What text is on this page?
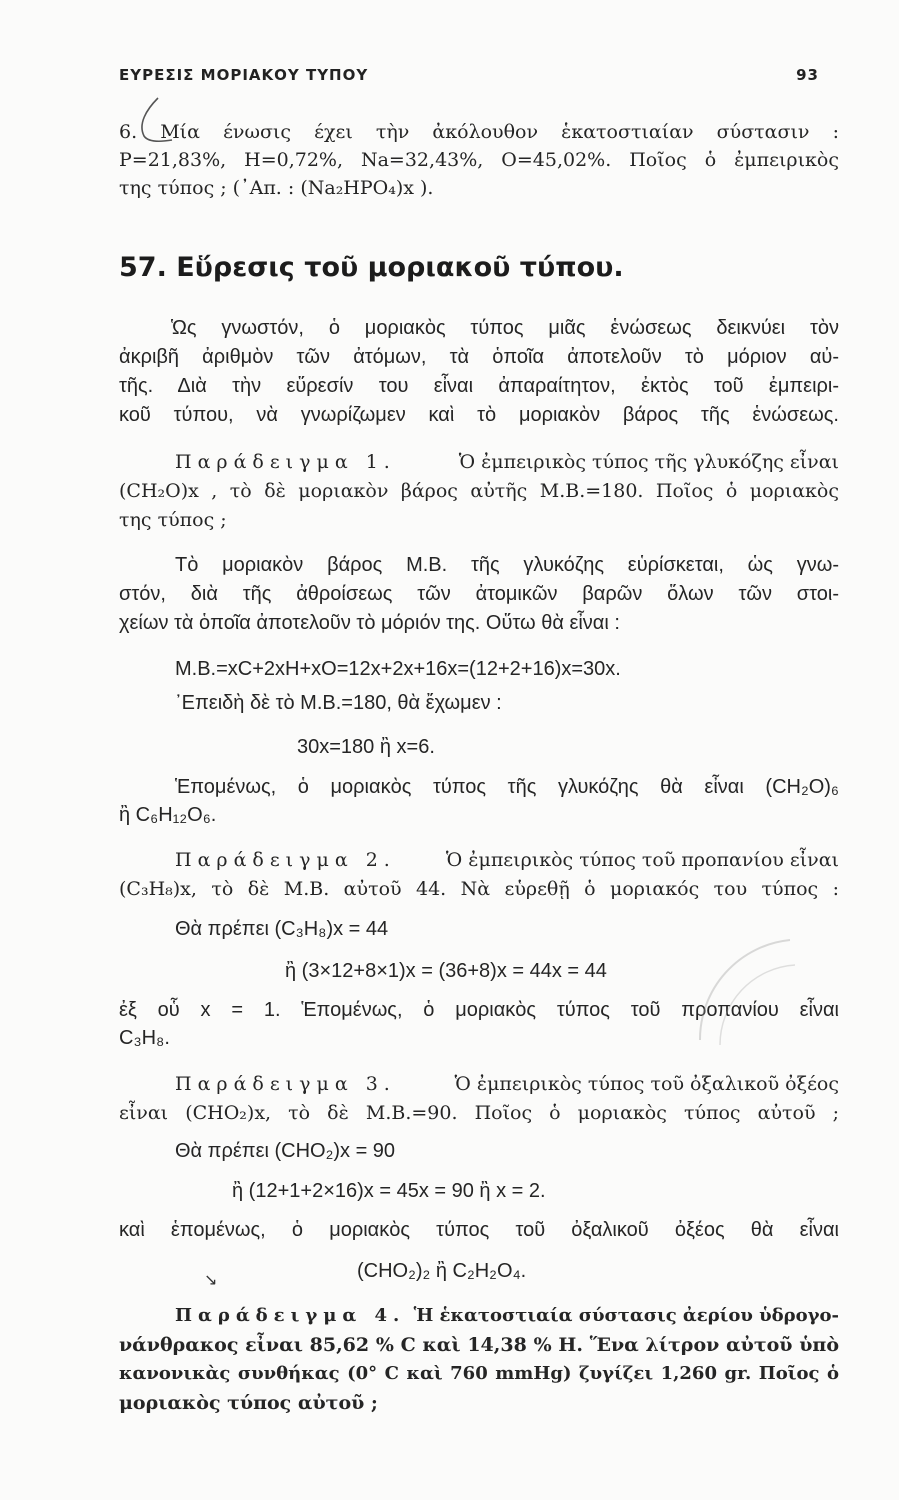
ΕΥΡΕΣΙΣ ΜΟΡΙΑΚΟΥ ΤΥΠΟΥ	93
6. Μία ένωσις έχει τὴν ἀκόλουθον ἑκατοστιαίαν σύστασιν :
P=21,83%, H=0,72%, Na=32,43%, O=45,02%. Ποῖος ὁ ἐμπειρικὸς
της τύπος ; (᾿Απ. : (Na₂HPO₄)x ).
57. Εὕρεσις τοῦ μοριακοῦ τύπου.
Ὡς γνωστόν, ὁ μοριακὸς τύπος μιᾶς ἑνώσεως δεικνύει τὸν
ἀκριβῆ ἀριθμὸν τῶν ἀτόμων, τὰ ὁποῖα ἀποτελοῦν τὸ μόριον αὐ-
τῆς. Διὰ τὴν εὕρεσίν του εἶναι ἀπαραίτητον, ἐκτὸς τοῦ ἐμπειρι-
κοῦ τύπου, νὰ γνωρίζωμεν καὶ τὸ μοριακὸν βάρος τῆς ἑνώσεως.
Παράδειγμα 1.	Ὁ ἐμπειρικὸς τύπος τῆς γλυκόζης εἶναι
(CH₂O)x , τὸ δὲ μοριακὸν βάρος αὐτῆς Μ.Β.=180. Ποῖος ὁ μοριακὸς
της τύπος ;
Τὸ μοριακὸν βάρος Μ.Β. τῆς γλυκόζης εὑρίσκεται, ὡς γνω-
στόν, διὰ τῆς ἀθροίσεως τῶν ἀτομικῶν βαρῶν ὅλων τῶν στοι-
χείων τὰ ὁποῖα ἀποτελοῦν τὸ μόριόν της. Οὕτω θὰ εἶναι :
Μ.Β.=xC+2xH+xO=12x+2x+16x=(12+2+16)x=30x.
᾿Επειδὴ δὲ τὸ Μ.Β.=180, θὰ ἔχωμεν :
30x=180 ἢ x=6.
Ἑπομένως, ὁ μοριακὸς τύπος τῆς γλυκόζης θὰ εἶναι (CH₂O)₆
ἢ C₆H₁₂O₆.
Παράδειγμα 2.	Ὁ ἐμπειρικὸς τύπος τοῦ προπανίου εἶναι
(C₃H₈)x, τὸ δὲ Μ.Β. αὐτοῦ 44. Νὰ εὑρεθῇ ὁ μοριακός του τύπος :
Θὰ πρέπει (C₃H₈)x = 44
ἢ (3×12+8×1)x = (36+8)x = 44x = 44
ἐξ οὗ x = 1. Ἑπομένως, ὁ μοριακὸς τύπος τοῦ προπανίου εἶναι
C₃H₈.
Παράδειγμα 3.	Ὁ ἐμπειρικὸς τύπος τοῦ ὀξαλικοῦ ὀξέος
εἶναι (CHO₂)x, τὸ δὲ Μ.Β.=90. Ποῖος ὁ μοριακὸς τύπος αὐτοῦ ;
Θὰ πρέπει (CHO₂)x = 90
ἢ (12+1+2×16)x = 45x = 90 ἢ x = 2.
καὶ ἑπομένως, ὁ μοριακὸς τύπος τοῦ ὀξαλικοῦ ὀξέος θὰ εἶναι
(CHO₂)₂ ἢ C₂H₂O₄.
↘
Παράδειγμα 4. Ἡ ἑκατοστιαία σύστασις ἀερίου ὑδρογο-
νάνθρακος εἶναι 85,62 % C καὶ 14,38 % H. Ἕνα λίτρον αὐτοῦ ὑπὸ
κανονικὰς συνθήκας (0° C καὶ 760 mmHg) ζυγίζει 1,260 gr. Ποῖος ὁ
μοριακὸς τύπος αὐτοῦ ;
